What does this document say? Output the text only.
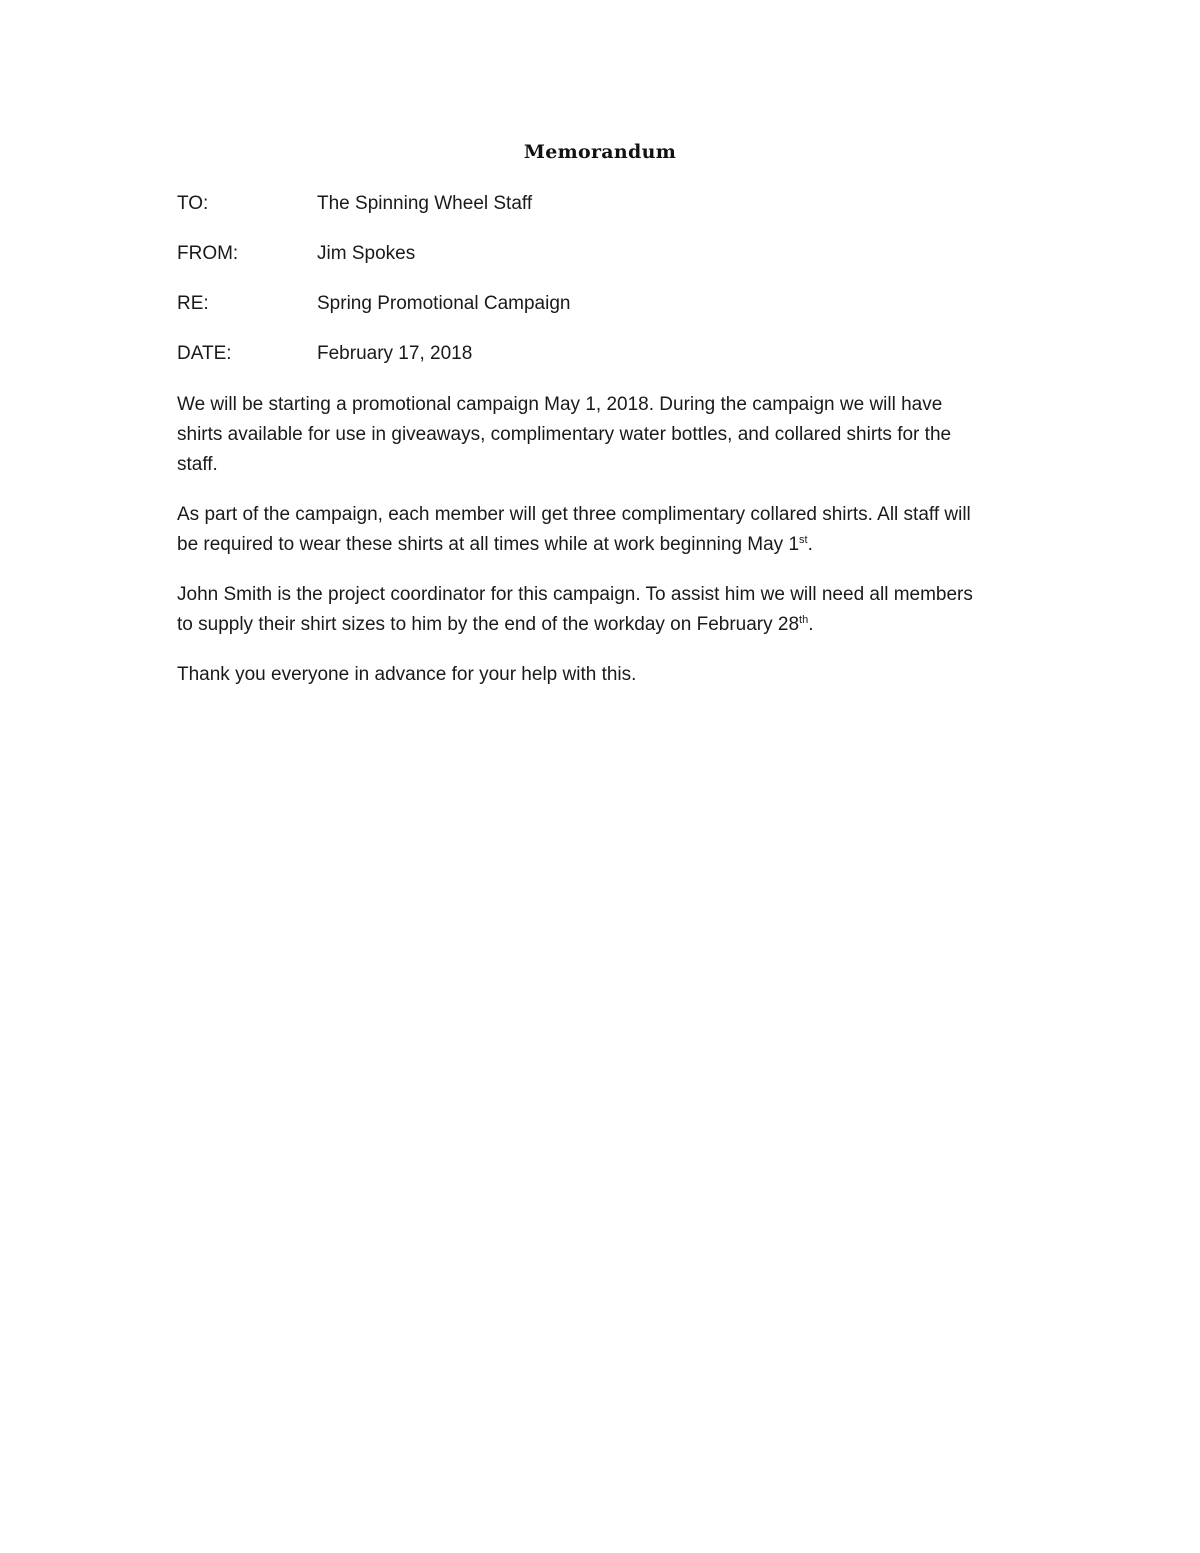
Memorandum
TO:	The Spinning Wheel Staff
FROM:	Jim Spokes
RE:	Spring Promotional Campaign
DATE:	February 17, 2018

We will be starting a promotional campaign May 1, 2018. During the campaign we will have
shirts available for use in giveaways, complimentary water bottles, and collared shirts for the
staff.

As part of the campaign, each member will get three complimentary collared shirts. All staff will
be required to wear these shirts at all times while at work beginning May 1st.

John Smith is the project coordinator for this campaign. To assist him we will need all members
to supply their shirt sizes to him by the end of the workday on February 28th.

Thank you everyone in advance for your help with this.
